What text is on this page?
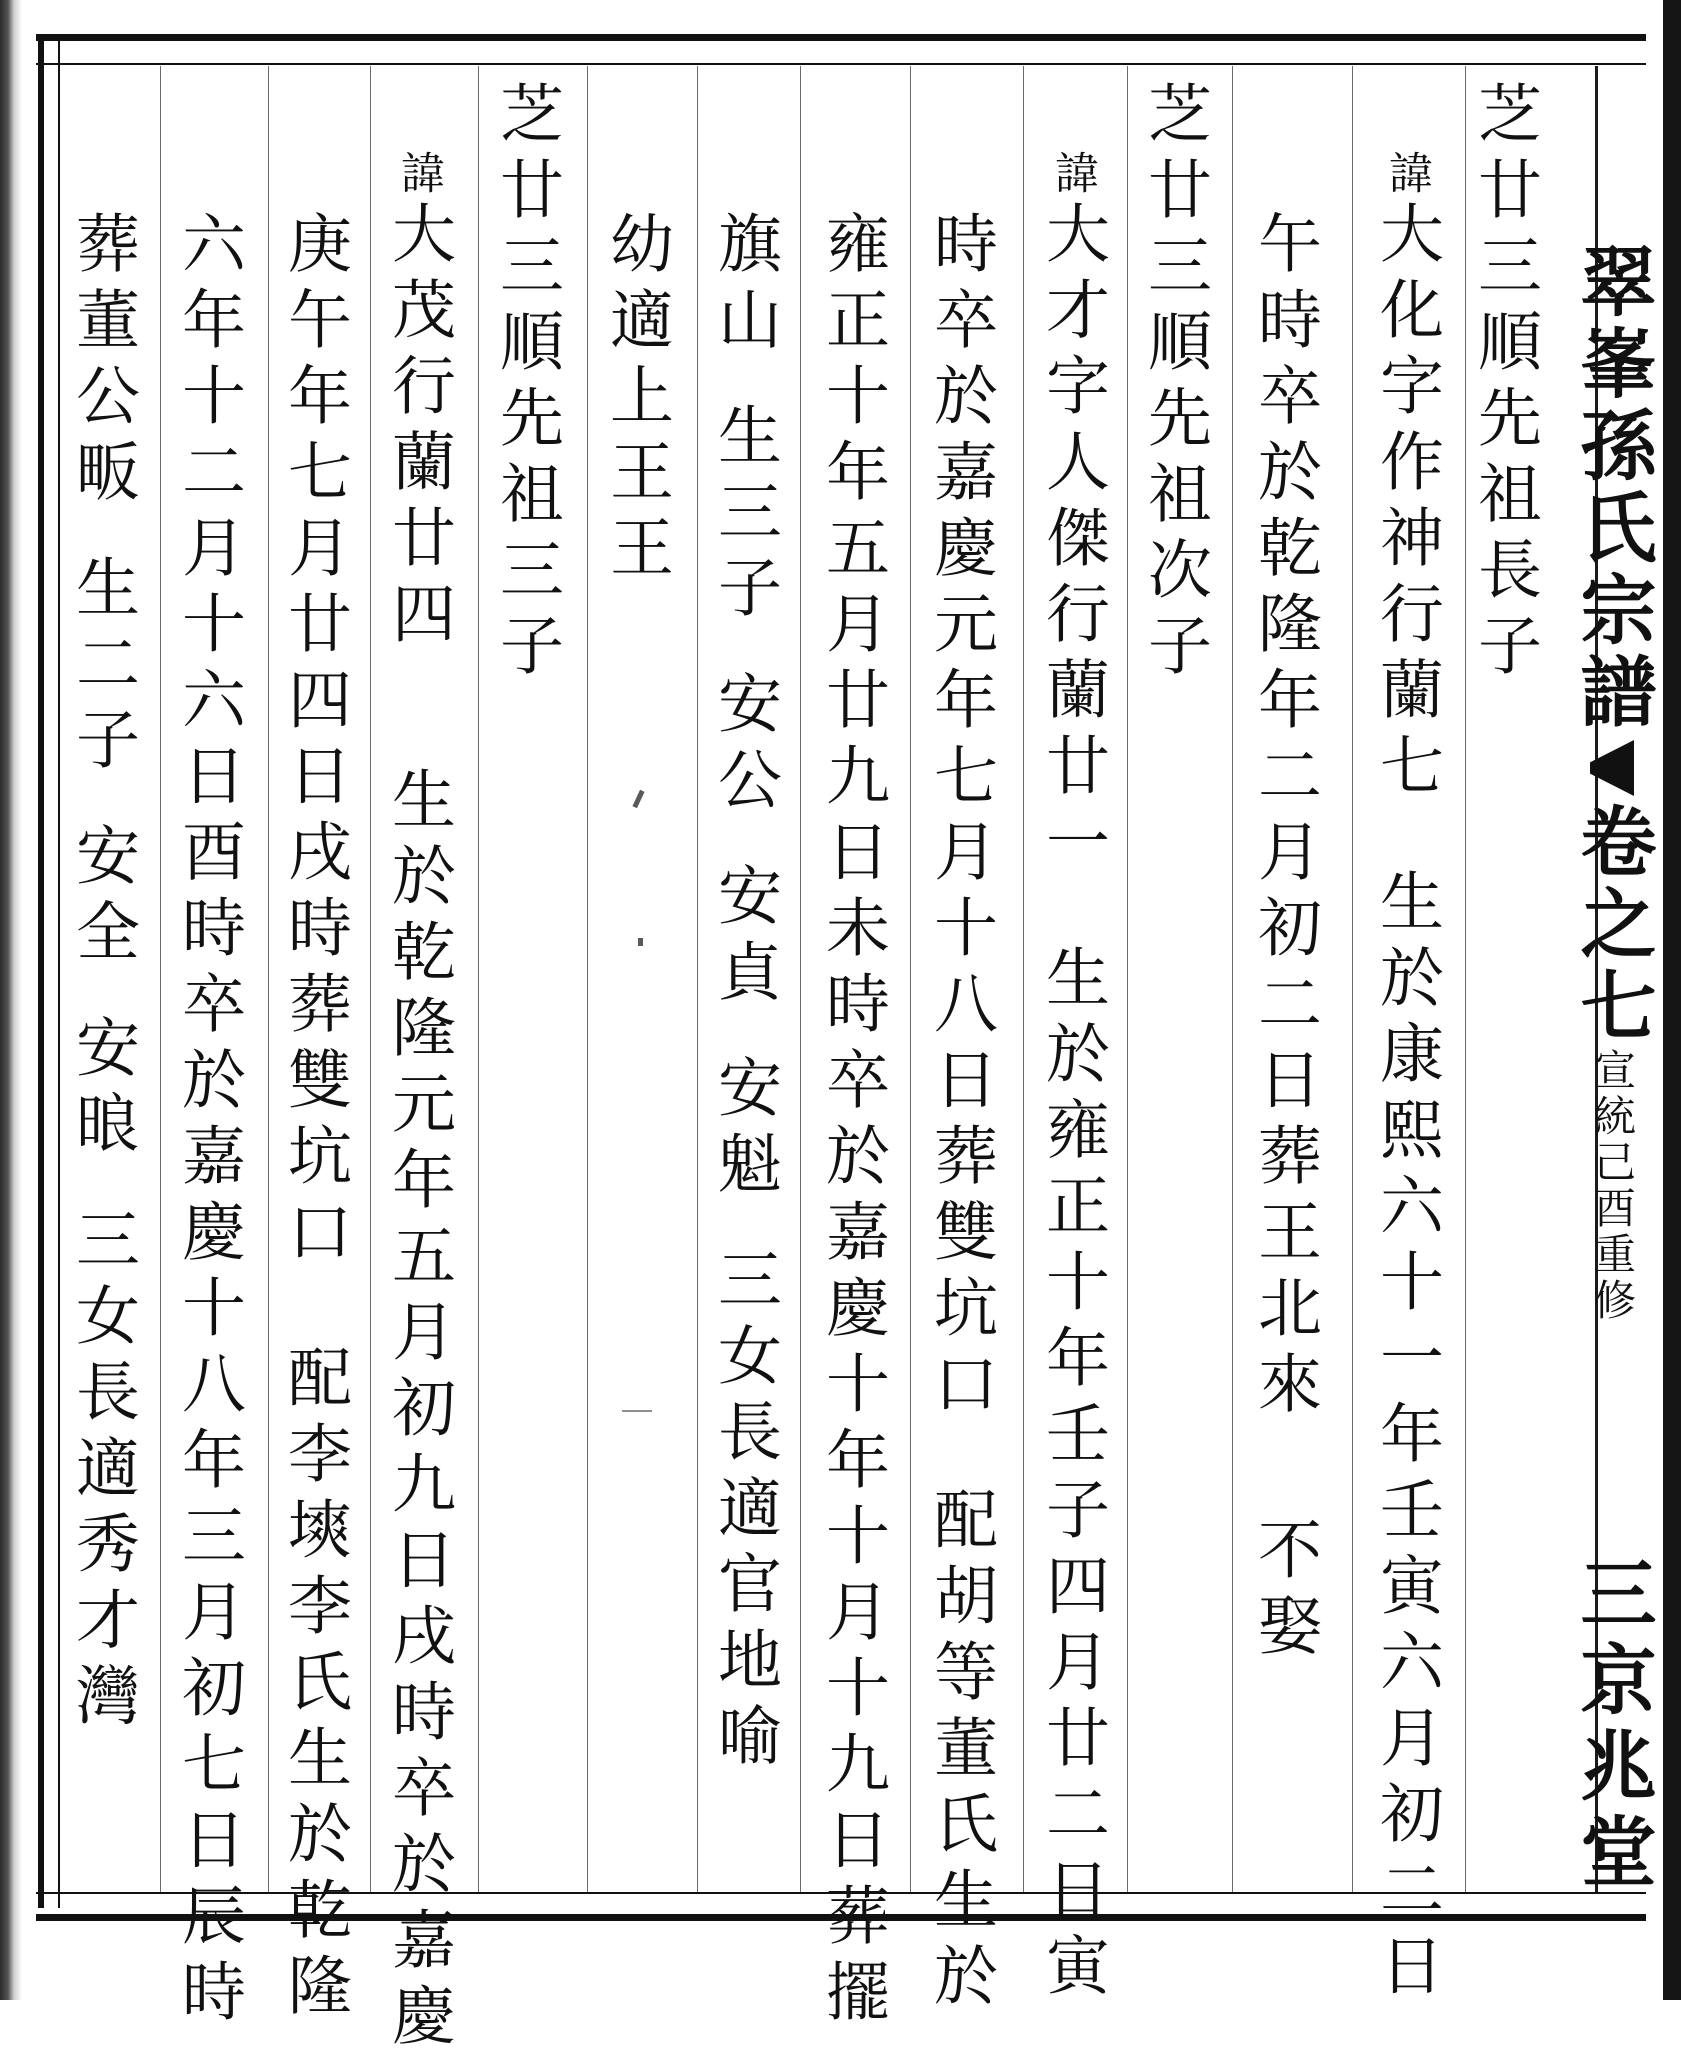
翠峯孫氏宗譜卷之七宣統己酉重修三京兆堂

芝廿三順先祖長子
諱大化字作神行蘭七生於康熙六十一年壬寅六月初二日
午時卒於乾隆年二月初二日葬王北來不娶
芝廿三順先祖次子
諱大才字人傑行蘭廿一生於雍正十年壬子四月廿二日寅
時卒於嘉慶元年七月十八日葬雙坑口配胡等董氏生於
雍正十年五月廿九日未時卒於嘉慶十年十月十九日葬擺
旗山生三子安公安貞安魁三女長適官地喻
幼適上王王
芝廿三順先祖三子
諱大茂行蘭廿四生於乾隆元年五月初九日戌時卒於嘉慶
庚午年七月廿四日戌時葬雙坑口配李塽李氏生於乾隆
六年十二月十六日酉時卒於嘉慶十八年三月初七日辰時
葬董公畈生二子安全安㫰三女長適秀才灣
